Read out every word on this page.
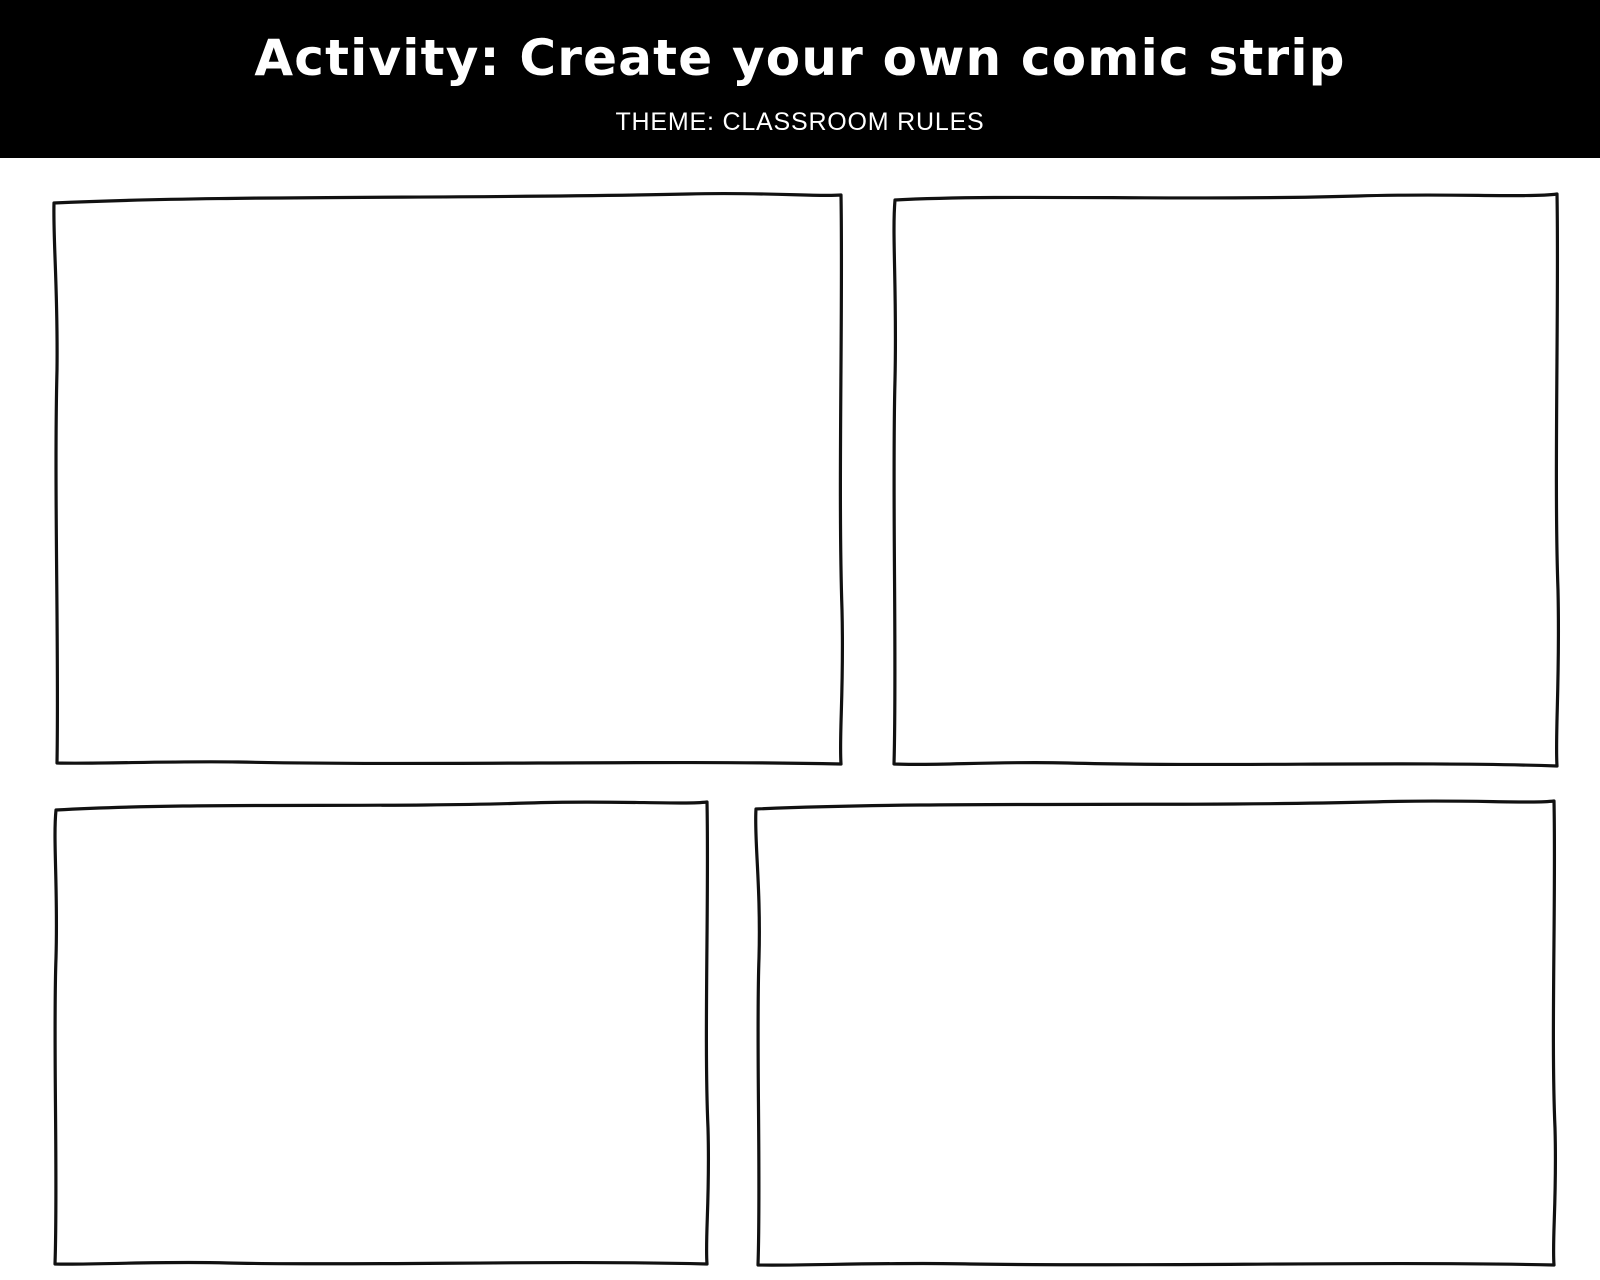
Activity: Create your own comic strip
THEME: CLASSROOM RULES
